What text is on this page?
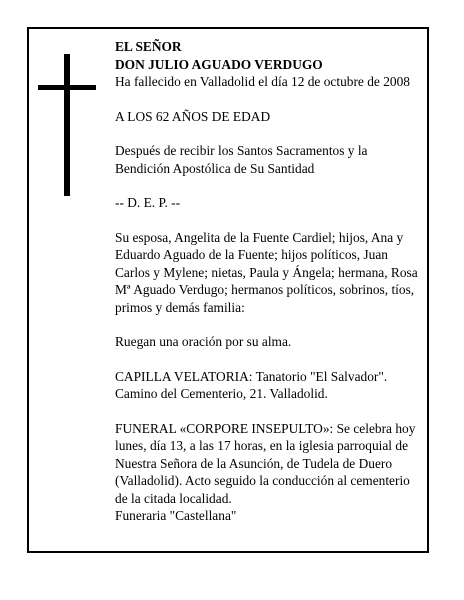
EL SEÑOR

DON JULIO AGUADO VERDUGO

Ha fallecido en Valladolid el día 12 de octubre de 2008

A LOS 62 AÑOS DE EDAD

Después de recibir los Santos Sacramentos y la Bendición Apostólica de Su Santidad

-- D. E. P. --

Su esposa, Angelita de la Fuente Cardiel; hijos, Ana y Eduardo Aguado de la Fuente; hijos políticos, Juan Carlos y Mylene; nietas, Paula y Ángela; hermana, Rosa Mª Aguado Verdugo; hermanos políticos, sobrinos, tíos, primos y demás familia:

Ruegan una oración por su alma.

CAPILLA VELATORIA: Tanatorio "El Salvador".

Camino del Cementerio, 21. Valladolid.

FUNERAL «CORPORE INSEPULTO»: Se celebra hoy lunes, día 13, a las 17 horas, en la iglesia parroquial de Nuestra Señora de la Asunción, de Tudela de Duero (Valladolid). Acto seguido la conducción al cementerio de la citada localidad.

Funeraria "Castellana"
